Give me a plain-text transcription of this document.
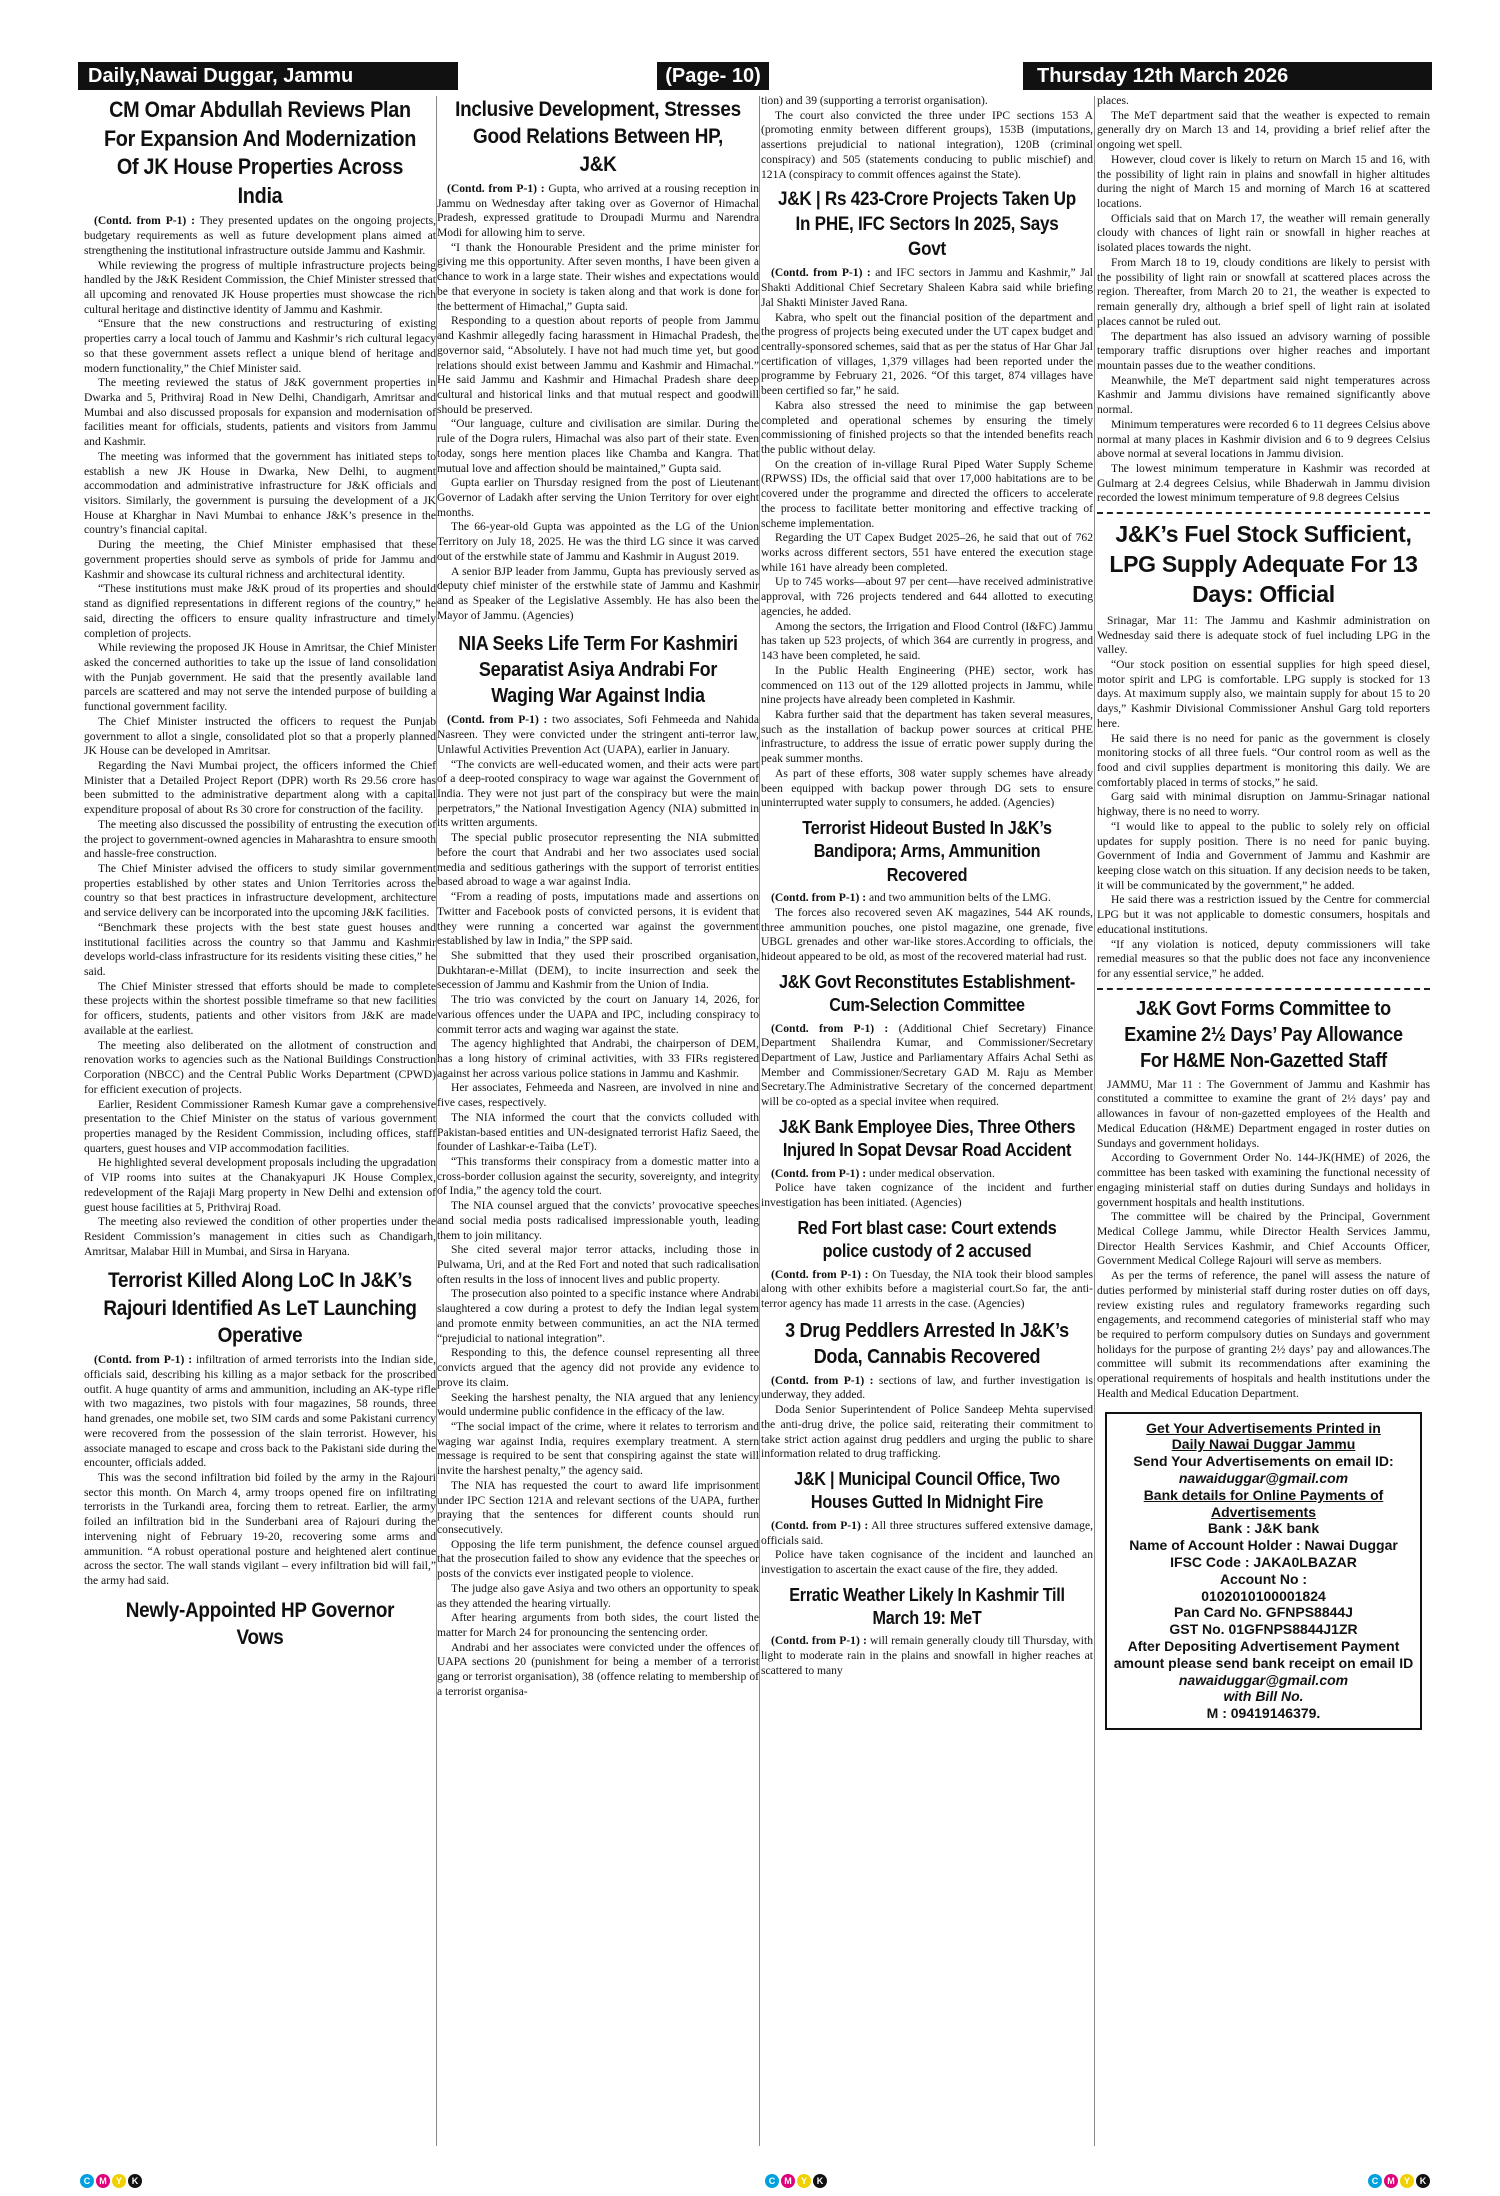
Daily,Nawai Duggar, Jammu	(Page- 10)	Thursday 12th March 2026
CM Omar Abdullah Reviews Plan For Expansion And Modernization Of JK House Properties Across India

(Contd. from P-1) : They presented updates on the ongoing projects, budgetary requirements as well as future development plans aimed at strengthening the institutional infrastructure outside Jammu and Kashmir.

While reviewing the progress of multiple infrastructure projects being handled by the J&K Resident Commission, the Chief Minister stressed that all upcoming and renovated JK House properties must showcase the rich cultural heritage and distinctive identity of Jammu and Kashmir.

“Ensure that the new constructions and restructuring of existing properties carry a local touch of Jammu and Kashmir’s rich cultural legacy so that these government assets reflect a unique blend of heritage and modern functionality,” the Chief Minister said.

The meeting reviewed the status of J&K government properties in Dwarka and 5, Prithviraj Road in New Delhi, Chandigarh, Amritsar and Mumbai and also discussed proposals for expansion and modernisation of facilities meant for officials, students, patients and visitors from Jammu and Kashmir.

The meeting was informed that the government has initiated steps to establish a new JK House in Dwarka, New Delhi, to augment accommodation and administrative infrastructure for J&K officials and visitors. Similarly, the government is pursuing the development of a JK House at Kharghar in Navi Mumbai to enhance J&K’s presence in the country’s financial capital.

During the meeting, the Chief Minister emphasised that these government properties should serve as symbols of pride for Jammu and Kashmir and showcase its cultural richness and architectural identity.

“These institutions must make J&K proud of its properties and should stand as dignified representations in different regions of the country,” he said, directing the officers to ensure quality infrastructure and timely completion of projects.

While reviewing the proposed JK House in Amritsar, the Chief Minister asked the concerned authorities to take up the issue of land consolidation with the Punjab government. He said that the presently available land parcels are scattered and may not serve the intended purpose of building a functional government facility.

The Chief Minister instructed the officers to request the Punjab government to allot a single, consolidated plot so that a properly planned JK House can be developed in Amritsar.

Regarding the Navi Mumbai project, the officers informed the Chief Minister that a Detailed Project Report (DPR) worth Rs 29.56 crore has been submitted to the administrative department along with a capital expenditure proposal of about Rs 30 crore for construction of the facility.

The meeting also discussed the possibility of entrusting the execution of the project to government-owned agencies in Maharashtra to ensure smooth and hassle-free construction.

The Chief Minister advised the officers to study similar government properties established by other states and Union Territories across the country so that best practices in infrastructure development, architecture and service delivery can be incorporated into the upcoming J&K facilities.

“Benchmark these projects with the best state guest houses and institutional facilities across the country so that Jammu and Kashmir develops world-class infrastructure for its residents visiting these cities,” he said.

The Chief Minister stressed that efforts should be made to complete these projects within the shortest possible timeframe so that new facilities for officers, students, patients and other visitors from J&K are made available at the earliest.

The meeting also deliberated on the allotment of construction and renovation works to agencies such as the National Buildings Construction Corporation (NBCC) and the Central Public Works Department (CPWD) for efficient execution of projects.

Earlier, Resident Commissioner Ramesh Kumar gave a comprehensive presentation to the Chief Minister on the status of various government properties managed by the Resident Commission, including offices, staff quarters, guest houses and VIP accommodation facilities.

He highlighted several development proposals including the upgradation of VIP rooms into suites at the Chanakyapuri JK House Complex, redevelopment of the Rajaji Marg property in New Delhi and extension of guest house facilities at 5, Prithviraj Road.

The meeting also reviewed the condition of other properties under the Resident Commission’s management in cities such as Chandigarh, Amritsar, Malabar Hill in Mumbai, and Sirsa in Haryana.

Terrorist Killed Along LoC In J&K’s Rajouri Identified As LeT Launching Operative

(Contd. from P-1) : infiltration of armed terrorists into the Indian side, officials said, describing his killing as a major setback for the proscribed outfit. A huge quantity of arms and ammunition, including an AK-type rifle with two magazines, two pistols with four magazines, 58 rounds, three hand grenades, one mobile set, two SIM cards and some Pakistani currency were recovered from the possession of the slain terrorist. However, his associate managed to escape and cross back to the Pakistani side during the encounter, officials added.

This was the second infiltration bid foiled by the army in the Rajouri sector this month. On March 4, army troops opened fire on infiltrating terrorists in the Turkandi area, forcing them to retreat. Earlier, the army foiled an infiltration bid in the Sunderbani area of Rajouri during the intervening night of February 19-20, recovering some arms and ammunition. “A robust operational posture and heightened alert continue across the sector. The wall stands vigilant – every infiltration bid will fail,” the army had said.

Newly-Appointed HP Governor Vows
Inclusive Development, Stresses Good Relations Between HP, J&K

(Contd. from P-1) : Gupta, who arrived at a rousing reception in Jammu on Wednesday after taking over as Governor of Himachal Pradesh, expressed gratitude to Droupadi Murmu and Narendra Modi for allowing him to serve.

“I thank the Honourable President and the prime minister for giving me this opportunity. After seven months, I have been given a chance to work in a large state. Their wishes and expectations would be that everyone in society is taken along and that work is done for the betterment of Himachal,” Gupta said.

Responding to a question about reports of people from Jammu and Kashmir allegedly facing harassment in Himachal Pradesh, the governor said, “Absolutely. I have not had much time yet, but good relations should exist between Jammu and Kashmir and Himachal.” He said Jammu and Kashmir and Himachal Pradesh share deep cultural and historical links and that mutual respect and goodwill should be preserved.

“Our language, culture and civilisation are similar. During the rule of the Dogra rulers, Himachal was also part of their state. Even today, songs here mention places like Chamba and Kangra. That mutual love and affection should be maintained,” Gupta said.

Gupta earlier on Thursday resigned from the post of Lieutenant Governor of Ladakh after serving the Union Territory for over eight months.

The 66-year-old Gupta was appointed as the LG of the Union Territory on July 18, 2025. He was the third LG since it was carved out of the erstwhile state of Jammu and Kashmir in August 2019.

A senior BJP leader from Jammu, Gupta has previously served as deputy chief minister of the erstwhile state of Jammu and Kashmir and as Speaker of the Legislative Assembly. He has also been the Mayor of Jammu. (Agencies)

NIA Seeks Life Term For Kashmiri Separatist Asiya Andrabi For Waging War Against India

(Contd. from P-1) : two associates, Sofi Fehmeeda and Nahida Nasreen. They were convicted under the stringent anti-terror law, Unlawful Activities Prevention Act (UAPA), earlier in January.

“The convicts are well-educated women, and their acts were part of a deep-rooted conspiracy to wage war against the Government of India. They were not just part of the conspiracy but were the main perpetrators,” the National Investigation Agency (NIA) submitted in its written arguments.

The special public prosecutor representing the NIA submitted before the court that Andrabi and her two associates used social media and seditious gatherings with the support of terrorist entities based abroad to wage a war against India.

“From a reading of posts, imputations made and assertions on Twitter and Facebook posts of convicted persons, it is evident that they were running a concerted war against the government established by law in India,” the SPP said.

She submitted that they used their proscribed organisation, Dukhtaran-e-Millat (DEM), to incite insurrection and seek the secession of Jammu and Kashmir from the Union of India.

The trio was convicted by the court on January 14, 2026, for various offences under the UAPA and IPC, including conspiracy to commit terror acts and waging war against the state.

The agency highlighted that Andrabi, the chairperson of DEM, has a long history of criminal activities, with 33 FIRs registered against her across various police stations in Jammu and Kashmir.

Her associates, Fehmeeda and Nasreen, are involved in nine and five cases, respectively.

The NIA informed the court that the convicts colluded with Pakistan-based entities and UN-designated terrorist Hafiz Saeed, the founder of Lashkar-e-Taiba (LeT).

“This transforms their conspiracy from a domestic matter into a cross-border collusion against the security, sovereignty, and integrity of India,” the agency told the court.

The NIA counsel argued that the convicts’ provocative speeches and social media posts radicalised impressionable youth, leading them to join militancy.

She cited several major terror attacks, including those in Pulwama, Uri, and at the Red Fort and noted that such radicalisation often results in the loss of innocent lives and public property.

The prosecution also pointed to a specific instance where Andrabi slaughtered a cow during a protest to defy the Indian legal system and promote enmity between communities, an act the NIA termed “prejudicial to national integration”.

Responding to this, the defence counsel representing all three convicts argued that the agency did not provide any evidence to prove its claim.

Seeking the harshest penalty, the NIA argued that any leniency would undermine public confidence in the efficacy of the law.

“The social impact of the crime, where it relates to terrorism and waging war against India, requires exemplary treatment. A stern message is required to be sent that conspiring against the state will invite the harshest penalty,” the agency said.

The NIA has requested the court to award life imprisonment under IPC Section 121A and relevant sections of the UAPA, further praying that the sentences for different counts should run consecutively.

Opposing the life term punishment, the defence counsel argued that the prosecution failed to show any evidence that the speeches or posts of the convicts ever instigated people to violence.

The judge also gave Asiya and two others an opportunity to speak as they attended the hearing virtually.

After hearing arguments from both sides, the court listed the matter for March 24 for pronouncing the sentencing order.

Andrabi and her associates were convicted under the offences of UAPA sections 20 (punishment for being a member of a terrorist gang or terrorist organisation), 38 (offence relating to membership of a terrorist organisa-

tion) and 39 (supporting a terrorist organisation).

The court also convicted the three under IPC sections 153 A (promoting enmity between different groups), 153B (imputations, assertions prejudicial to national integration), 120B (criminal conspiracy) and 505 (statements conducing to public mischief) and 121A (conspiracy to commit offences against the State).

J&K | Rs 423-Crore Projects Taken Up In PHE, IFC Sectors In 2025, Says Govt

(Contd. from P-1) : and IFC sectors in Jammu and Kashmir,” Jal Shakti Additional Chief Secretary Shaleen Kabra said while briefing Jal Shakti Minister Javed Rana.

Kabra, who spelt out the financial position of the department and the progress of projects being executed under the UT capex budget and centrally-sponsored schemes, said that as per the status of Har Ghar Jal certification of villages, 1,379 villages had been reported under the programme by February 21, 2026. “Of this target, 874 villages have been certified so far,” he said.

Kabra also stressed the need to minimise the gap between completed and operational schemes by ensuring the timely commissioning of finished projects so that the intended benefits reach the public without delay.

On the creation of in-village Rural Piped Water Supply Scheme (RPWSS) IDs, the official said that over 17,000 habitations are to be covered under the programme and directed the officers to accelerate the process to facilitate better monitoring and effective tracking of scheme implementation.

Regarding the UT Capex Budget 2025–26, he said that out of 762 works across different sectors, 551 have entered the execution stage while 161 have already been completed.

Up to 745 works—about 97 per cent—have received administrative approval, with 726 projects tendered and 644 allotted to executing agencies, he added.

Among the sectors, the Irrigation and Flood Control (I&FC) Jammu has taken up 523 projects, of which 364 are currently in progress, and 143 have been completed, he said.

In the Public Health Engineering (PHE) sector, work has commenced on 113 out of the 129 allotted projects in Jammu, while nine projects have already been completed in Kashmir.

Kabra further said that the department has taken several measures, such as the installation of backup power sources at critical PHE infrastructure, to address the issue of erratic power supply during the peak summer months.

As part of these efforts, 308 water supply schemes have already been equipped with backup power through DG sets to ensure uninterrupted water supply to consumers, he added. (Agencies)

Terrorist Hideout Busted In J&K’s Bandipora; Arms, Ammunition Recovered

(Contd. from P-1) : and two ammunition belts of the LMG.

The forces also recovered seven AK magazines, 544 AK rounds, three ammunition pouches, one pistol magazine, one grenade, five UBGL grenades and other war-like stores.According to officials, the hideout appeared to be old, as most of the recovered material had rust.

J&K Govt Reconstitutes Establishment-Cum-Selection Committee

(Contd. from P-1) : (Additional Chief Secretary) Finance Department Shailendra Kumar, and Commissioner/Secretary Department of Law, Justice and Parliamentary Affairs Achal Sethi as Member and Commissioner/Secretary GAD M. Raju as Member Secretary.The Administrative Secretary of the concerned department will be co-opted as a special invitee when required.

J&K Bank Employee Dies, Three Others Injured In Sopat Devsar Road Accident

(Contd. from P-1) : under medical observation.

Police have taken cognizance of the incident and further investigation has been initiated. (Agencies)

Red Fort blast case: Court extends police custody of 2 accused

(Contd. from P-1) : On Tuesday, the NIA took their blood samples along with other exhibits before a magisterial court.So far, the anti-terror agency has made 11 arrests in the case. (Agencies)

3 Drug Peddlers Arrested In J&K’s Doda, Cannabis Recovered

(Contd. from P-1) : sections of law, and further investigation is underway, they added.

Doda Senior Superintendent of Police Sandeep Mehta supervised the anti-drug drive, the police said, reiterating their commitment to take strict action against drug peddlers and urging the public to share information related to drug trafficking.

J&K | Municipal Council Office, Two Houses Gutted In Midnight Fire

(Contd. from P-1) : All three structures suffered extensive damage, officials said.

Police have taken cognisance of the incident and launched an investigation to ascertain the exact cause of the fire, they added.

Erratic Weather Likely In Kashmir Till March 19: MeT

(Contd. from P-1) : will remain generally cloudy till Thursday, with light to moderate rain in the plains and snowfall in higher reaches at scattered to many

places.

The MeT department said that the weather is expected to remain generally dry on March 13 and 14, providing a brief relief after the ongoing wet spell.

However, cloud cover is likely to return on March 15 and 16, with the possibility of light rain in plains and snowfall in higher altitudes during the night of March 15 and morning of March 16 at scattered locations.

Officials said that on March 17, the weather will remain generally cloudy with chances of light rain or snowfall in higher reaches at isolated places towards the night.

From March 18 to 19, cloudy conditions are likely to persist with the possibility of light rain or snowfall at scattered places across the region. Thereafter, from March 20 to 21, the weather is expected to remain generally dry, although a brief spell of light rain at isolated places cannot be ruled out.

The department has also issued an advisory warning of possible temporary traffic disruptions over higher reaches and important mountain passes due to the weather conditions.

Meanwhile, the MeT department said night temperatures across Kashmir and Jammu divisions have remained significantly above normal.

Minimum temperatures were recorded 6 to 11 degrees Celsius above normal at many places in Kashmir division and 6 to 9 degrees Celsius above normal at several locations in Jammu division.

The lowest minimum temperature in Kashmir was recorded at Gulmarg at 2.4 degrees Celsius, while Bhaderwah in Jammu division recorded the lowest minimum temperature of 9.8 degrees Celsius

J&K’s Fuel Stock Sufficient, LPG Supply Adequate For 13 Days: Official

Srinagar, Mar 11: The Jammu and Kashmir administration on Wednesday said there is adequate stock of fuel including LPG in the valley.

“Our stock position on essential supplies for high speed diesel, motor spirit and LPG is comfortable. LPG supply is stocked for 13 days. At maximum supply also, we maintain supply for about 15 to 20 days,” Kashmir Divisional Commissioner Anshul Garg told reporters here.

He said there is no need for panic as the government is closely monitoring stocks of all three fuels. “Our control room as well as the food and civil supplies department is monitoring this daily. We are comfortably placed in terms of stocks,” he said.

Garg said with minimal disruption on Jammu-Srinagar national highway, there is no need to worry.

“I would like to appeal to the public to solely rely on official updates for supply position. There is no need for panic buying. Government of India and Government of Jammu and Kashmir are keeping close watch on this situation. If any decision needs to be taken, it will be communicated by the government,” he added.

He said there was a restriction issued by the Centre for commercial LPG but it was not applicable to domestic consumers, hospitals and educational institutions.

“If any violation is noticed, deputy commissioners will take remedial measures so that the public does not face any inconvenience for any essential service,” he added.

J&K Govt Forms Committee to Examine 2½ Days’ Pay Allowance For H&ME Non-Gazetted Staff

JAMMU, Mar 11 : The Government of Jammu and Kashmir has constituted a committee to examine the grant of 2½ days’ pay and allowances in favour of non-gazetted employees of the Health and Medical Education (H&ME) Department engaged in roster duties on Sundays and government holidays.

According to Government Order No. 144-JK(HME) of 2026, the committee has been tasked with examining the functional necessity of engaging ministerial staff on duties during Sundays and holidays in government hospitals and health institutions.

The committee will be chaired by the Principal, Government Medical College Jammu, while Director Health Services Jammu, Director Health Services Kashmir, and Chief Accounts Officer, Government Medical College Rajouri will serve as members.

As per the terms of reference, the panel will assess the nature of duties performed by ministerial staff during roster duties on off days, review existing rules and regulatory frameworks regarding such engagements, and recommend categories of ministerial staff who may be required to perform compulsory duties on Sundays and government holidays for the purpose of granting 2½ days’ pay and allowances.The committee will submit its recommendations after examining the operational requirements of hospitals and health institutions under the Health and Medical Education Department.

Get Your Advertisements Printed in
Daily Nawai Duggar Jammu
Send Your Advertisements on email ID:
nawaiduggar@gmail.com
Bank details for Online Payments of Advertisements
Bank : J&K bank
Name of Account Holder : Nawai Duggar
IFSC Code : JAKA0LBAZAR
Account No :
0102010100001824
Pan Card No. GFNPS8844J
GST No. 01GFNPS8844J1ZR
After Depositing Advertisement Payment amount please send bank receipt on email ID
nawaiduggar@gmail.com
with Bill No.
M : 09419146379.
C M Y K	C M Y K	C M Y K
